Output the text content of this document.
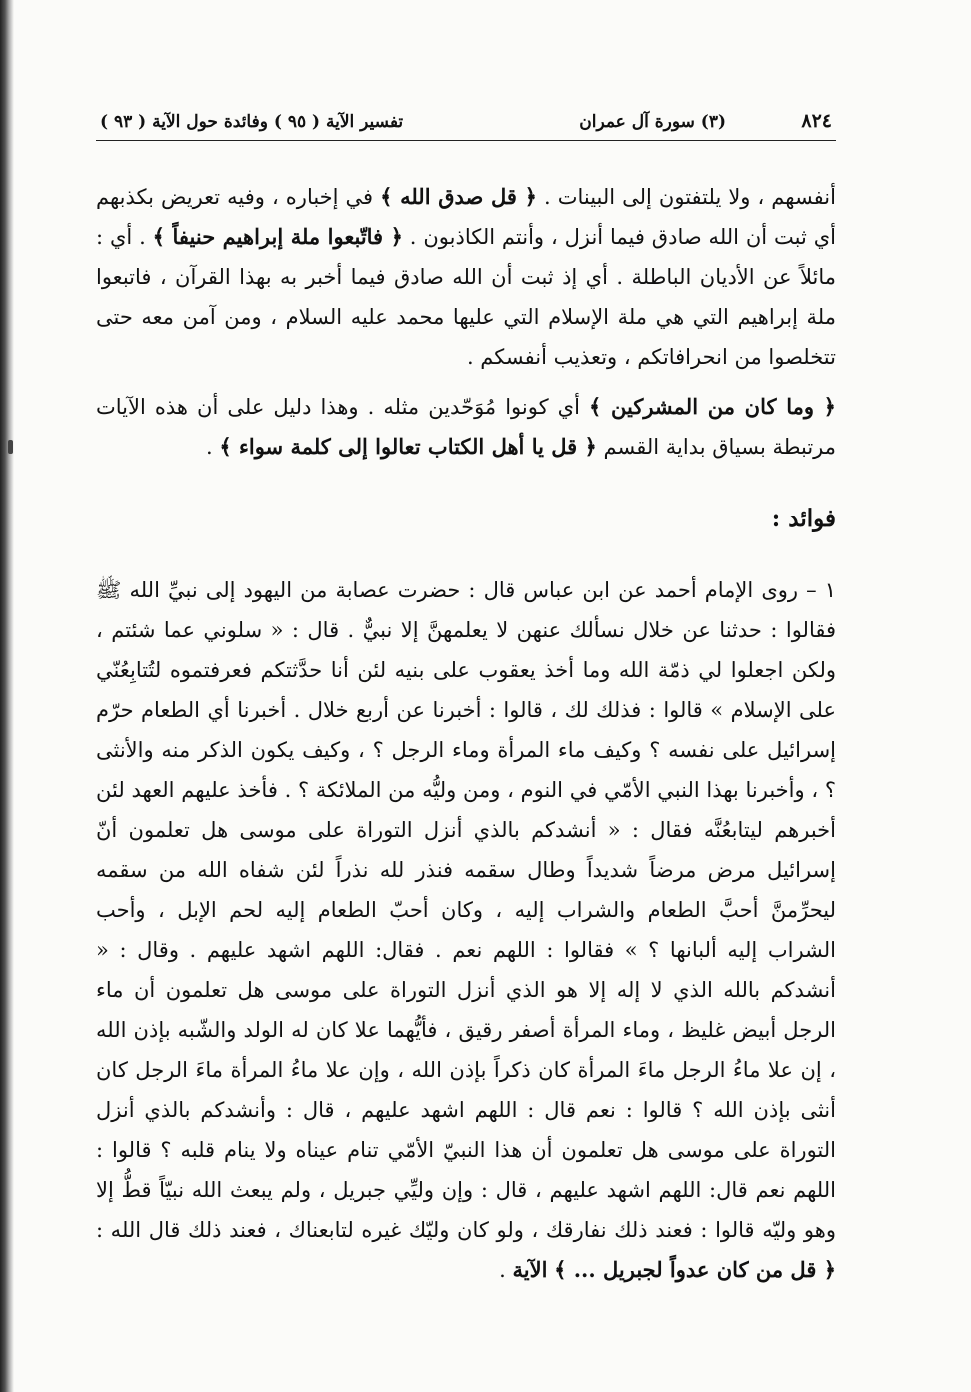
٨٢٤
(٣) سورة آل عمران
تفسير الآية ( ٩٥ ) وفائدة حول الآية ( ٩٣ )

أنفسهم ، ولا يلتفتون إلى البينات . ﴿ قل صدق الله ﴾ في إخباره ، وفيه تعريض بكذبهم أي ثبت أن الله صادق فيما أنزل ، وأنتم الكاذبون . ﴿ فاتّبعوا ملة إبراهيم حنيفاً ﴾ . أي : مائلاً عن الأديان الباطلة . أي إذ ثبت أن الله صادق فيما أخبر به بهذا القرآن ، فاتبعوا ملة إبراهيم التي هي ملة الإسلام التي عليها محمد عليه السلام ، ومن آمن معه حتى تتخلصوا من انحرافاتكم ، وتعذيب أنفسكم .

﴿ وما كان من المشركين ﴾ أي كونوا مُوَحّدين مثله . وهذا دليل على أن هذه الآيات مرتبطة بسياق بداية القسم ﴿ قل يا أهل الكتاب تعالوا إلى كلمة سواء ﴾ .

فوائد :

١ – روى الإمام أحمد عن ابن عباس قال : حضرت عصابة من اليهود إلى نبيِّ الله ﷺ فقالوا : حدثنا عن خلال نسألك عنهن لا يعلمهنَّ إلا نبيٌّ . قال : « سلوني عما شئتم ، ولكن اجعلوا لي ذمّة الله وما أخذ يعقوب على بنيه لئن أنا حدَّثتكم فعرفتموه لتُتابِعُنّي على الإسلام » قالوا : فذلك لك ، قالوا : أخبرنا عن أربع خلال . أخبرنا أي الطعام حرّم إسرائيل على نفسه ؟ وكيف ماء المرأة وماء الرجل ؟ ، وكيف يكون الذكر منه والأنثى ؟ ، وأخبرنا بهذا النبي الأمّي في النوم ، ومن وليُّه من الملائكة ؟ . فأخذ عليهم العهد لئن أخبرهم ليتابعُنَّه فقال : « أنشدكم بالذي أنزل التوراة على موسى هل تعلمون أنّ إسرائيل مرض مرضاً شديداً وطال سقمه فنذر لله نذراً لئن شفاه الله من سقمه ليحرِّمنَّ أحبَّ الطعام والشراب إليه ، وكان أحبّ الطعام إليه لحم الإبل ، وأحب الشراب إليه ألبانها ؟ » فقالوا : اللهم نعم . فقال: اللهم اشهد عليهم . وقال : « أنشدكم بالله الذي لا إله إلا هو الذي أنزل التوراة على موسى هل تعلمون أن ماء الرجل أبيض غليظ ، وماء المرأة أصفر رقيق ، فأيُّهما علا كان له الولد والشّبه بإذن الله ، إن علا ماءُ الرجل ماءَ المرأة كان ذكراً بإذن الله ، وإن علا ماءُ المرأة ماءَ الرجل كان أنثى بإذن الله ؟ قالوا : نعم قال : اللهم اشهد عليهم ، قال : وأنشدكم بالذي أنزل التوراة على موسى هل تعلمون أن هذا النبيّ الأمّي تنام عيناه ولا ينام قلبه ؟ قالوا : اللهم نعم قال: اللهم اشهد عليهم ، قال : وإن وليِّي جبريل ، ولم يبعث الله نبيّاً قطُّ إلا وهو وليّه قالوا : فعند ذلك نفارقك ، ولو كان وليّك غيره لتابعناك ، فعند ذلك قال الله : ﴿ قل من كان عدواً لجبريل ... ﴾ الآية .
